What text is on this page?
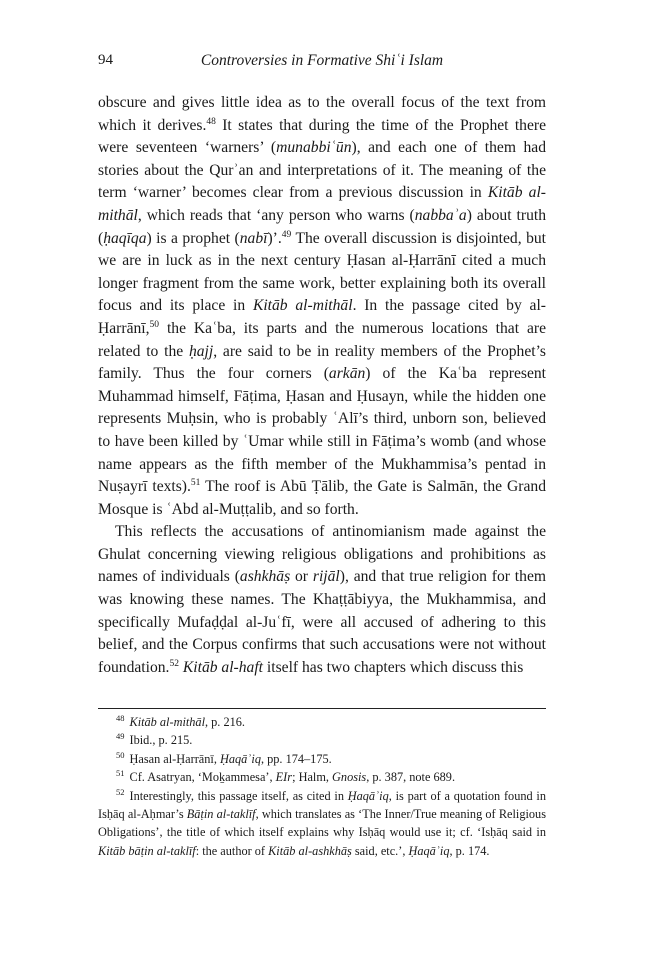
94	Controversies in Formative Shiʿi Islam

obscure and gives little idea as to the overall focus of the text from which it derives.$^{48}$ It states that during the time of the Prophet there were seventeen ‘warners’ (munabbiʿūn), and each one of them had stories about the Qurʾan and interpretations of it. The meaning of the term ‘warner’ becomes clear from a previous discussion in Kitāb al-mithāl, which reads that ‘any person who warns (nabbaʾa) about truth (ḥaqīqa) is a prophet (nabī)’.$^{49}$ The overall discussion is disjointed, but we are in luck as in the next century Ḥasan al-Ḥarrānī cited a much longer fragment from the same work, better explaining both its overall focus and its place in Kitāb al-mithāl. In the passage cited by al-Ḥarrānī,$^{50}$ the Kaʿba, its parts and the numerous locations that are related to the ḥajj, are said to be in reality members of the Prophet’s family. Thus the four corners (arkān) of the Kaʿba represent Muhammad himself, Fāṭima, Ḥasan and Ḥusayn, while the hidden one represents Muḥsin, who is probably ʿAlī’s third, unborn son, believed to have been killed by ʿUmar while still in Fāṭima’s womb (and whose name appears as the fifth member of the Mukhammisa’s pentad in Nuṣayrī texts).$^{51}$ The roof is Abū Ṭālib, the Gate is Salmān, the Grand Mosque is ʿAbd al-Muṭṭalib, and so forth.

This reflects the accusations of antinomianism made against the Ghulat concerning viewing religious obligations and prohibitions as names of individuals (ashkhāṣ or rijāl), and that true religion for them was knowing these names. The Khaṭṭābiyya, the Mukhammisa, and specifically Mufaḍḍal al-Juʿfī, were all accused of adhering to this belief, and the Corpus confirms that such accusations were not without foundation.$^{52}$ Kitāb al-haft itself has two chapters which discuss this

$^{48}$ Kitāb al-mithāl, p. 216.

$^{49}$ Ibid., p. 215.

$^{50}$ Ḥasan al-Ḥarrānī, Ḥaqāʾiq, pp. 174–175.

$^{51}$ Cf. Asatryan, ‘Moḵammesa’, EIr; Halm, Gnosis, p. 387, note 689.

$^{52}$ Interestingly, this passage itself, as cited in Ḥaqāʾiq, is part of a quotation found in Isḥāq al-Aḥmar’s Bāṭin al-taklīf, which translates as ‘The Inner/True meaning of Religious Obligations’, the title of which itself explains why Isḥāq would use it; cf. ‘Isḥāq said in Kitāb bāṭin al-taklīf: the author of Kitāb al-ashkhāṣ said, etc.’, Ḥaqāʾiq, p. 174.
